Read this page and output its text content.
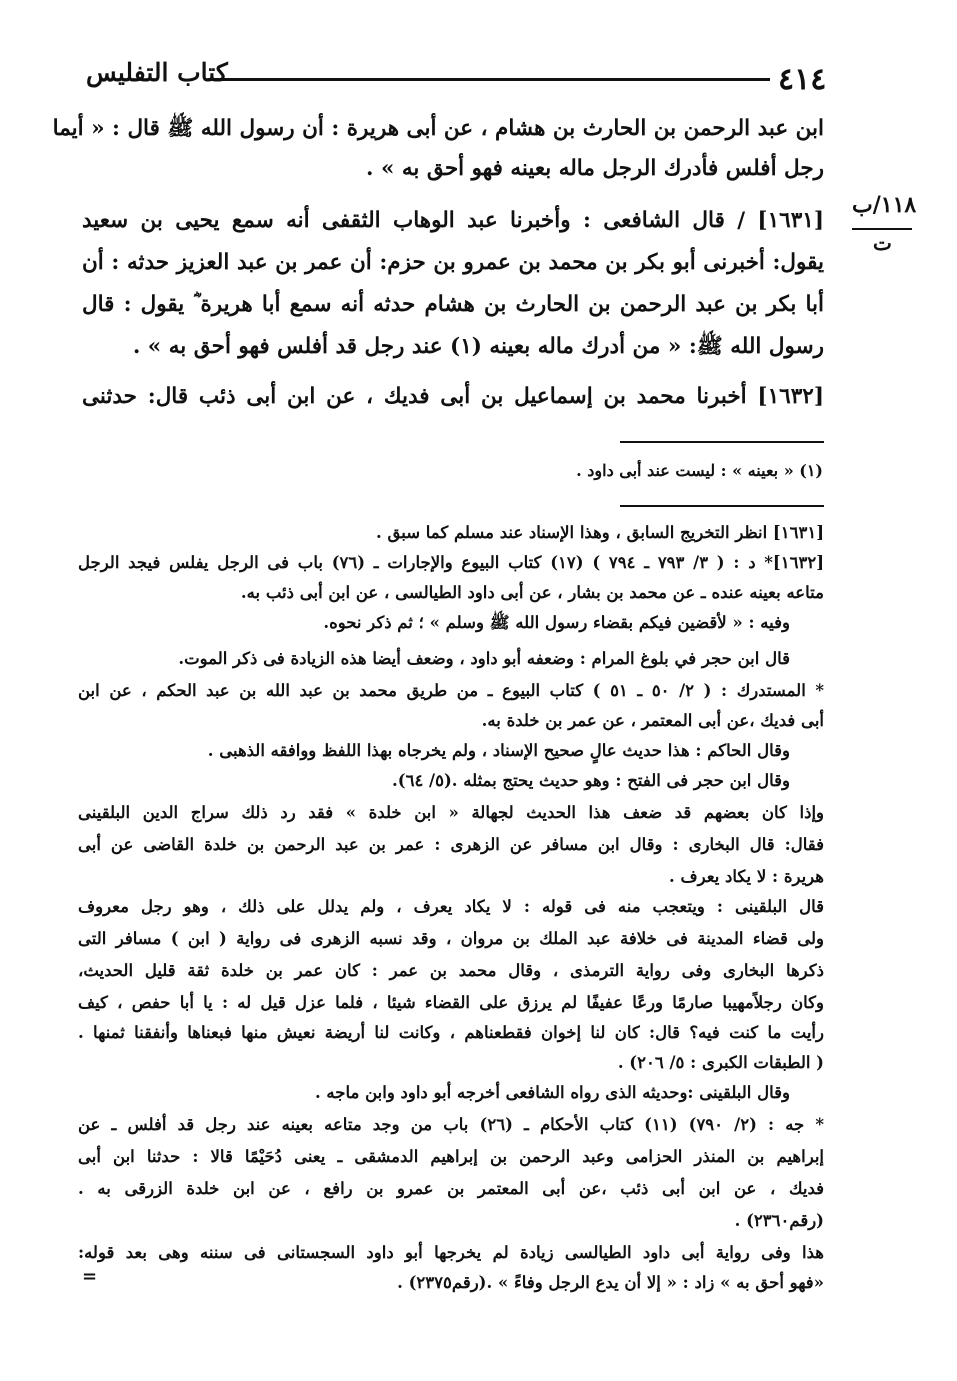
٤١٤
كتاب التفليس
١١٨/ب
ت
ابن عبد الرحمن بن الحارث بن هشام ، عن أبى هريرة : أن رسول الله ﷺ قال : « أيما
رجل أفلس فأدرك الرجل ماله بعينه فهو أحق به » .
[١٦٣١] / قال الشافعى : وأخبرنا عبد الوهاب الثقفى أنه سمع يحيى بن سعيد
يقول: أخبرنى أبو بكر بن محمد بن عمرو بن حزم: أن عمر بن عبد العزيز حدثه : أن
أبا بكر بن عبد الرحمن بن الحارث بن هشام حدثه أنه سمع أبا هريرة ؓ يقول : قال
رسول الله ﷺ: « من أدرك ماله بعينه (١) عند رجل قد أفلس فهو أحق به » .
[١٦٣٢] أخبرنا محمد بن إسماعيل بن أبى فديك ، عن ابن أبى ذئب قال: حدثنى
(١) « بعينه » : ليست عند أبى داود .
[١٦٣١] انظر التخريج السابق ، وهذا الإسناد عند مسلم كما سبق .
[١٦٣٢]* د : ( ٣/ ٧٩٣ ـ ٧٩٤ ) (١٧) كتاب البيوع والإجارات ـ (٧٦) باب فى الرجل يفلس فيجد الرجل
متاعه بعينه عنده ـ عن محمد بن بشار ، عن أبى داود الطيالسى ، عن ابن أبى ذئب به.
وفيه : « لأقضين فيكم بقضاء رسول الله ﷺ وسلم » ؛ ثم ذكر نحوه.
قال ابن حجر في بلوغ المرام : وضعفه أبو داود ، وضعف أيضا هذه الزيادة فى ذكر الموت.
* المستدرك : ( ٢/ ٥٠ ـ ٥١ ) كتاب البيوع ـ من طريق محمد بن عبد الله بن عبد الحكم ، عن ابن
أبى فديك ،عن أبى المعتمر ، عن عمر بن خلدة به.
وقال الحاكم : هذا حديث عالٍ صحيح الإسناد ، ولم يخرجاه بهذا اللفظ ووافقه الذهبى .
وقال ابن حجر فى الفتح : وهو حديث يحتج بمثله .(٥/ ٦٤).
وإذا كان بعضهم قد ضعف هذا الحديث لجهالة « ابن خلدة » فقد رد ذلك سراج الدين البلقينى
فقال: قال البخارى : وقال ابن مسافر عن الزهرى : عمر بن عبد الرحمن بن خلدة القاضى عن أبى
هريرة : لا يكاد يعرف .
قال البلقينى : ويتعجب منه فى قوله : لا يكاد يعرف ، ولم يدلل على ذلك ، وهو رجل معروف
ولى قضاء المدينة فى خلافة عبد الملك بن مروان ، وقد نسبه الزهرى فى رواية ( ابن ) مسافر التى
ذكرها البخارى وفى رواية الترمذى ، وقال محمد بن عمر : كان عمر بن خلدة ثقة قليل الحديث،
وكان رجلاًمهيبا صارمًا ورعًا عفيفًا لم يرزق على القضاء شيئا ، فلما عزل قيل له : يا أبا حفص ، كيف
رأيت ما كنت فيه؟ قال: كان لنا إخوان فقطعناهم ، وكانت لنا أريضة نعيش منها فبعناها وأنفقنا ثمنها .
( الطبقات الكبرى : ٥/ ٢٠٦) .
وقال البلقينى :وحديثه الذى رواه الشافعى أخرجه أبو داود وابن ماجه .
* جه : (٢/ ٧٩٠) (١١) كتاب الأحكام ـ (٢٦) باب من وجد متاعه بعينه عند رجل قد أفلس ـ عن
إبراهيم بن المنذر الحزامى وعبد الرحمن بن إبراهيم الدمشقى ـ يعنى دُحَيْمًا قالا : حدثنا ابن أبى
فديك ، عن ابن أبى ذئب ،عن أبى المعتمر بن عمرو بن رافع ، عن ابن خلدة الزرقى به .
(رقم٢٣٦٠) .
هذا وفى رواية أبى داود الطيالسى زيادة لم يخرجها أبو داود السجستانى فى سننه وهى بعد قوله:
«فهو أحق به » زاد : « إلا أن يدع الرجل وفاءً » .(رقم٢٣٧٥) .
=
